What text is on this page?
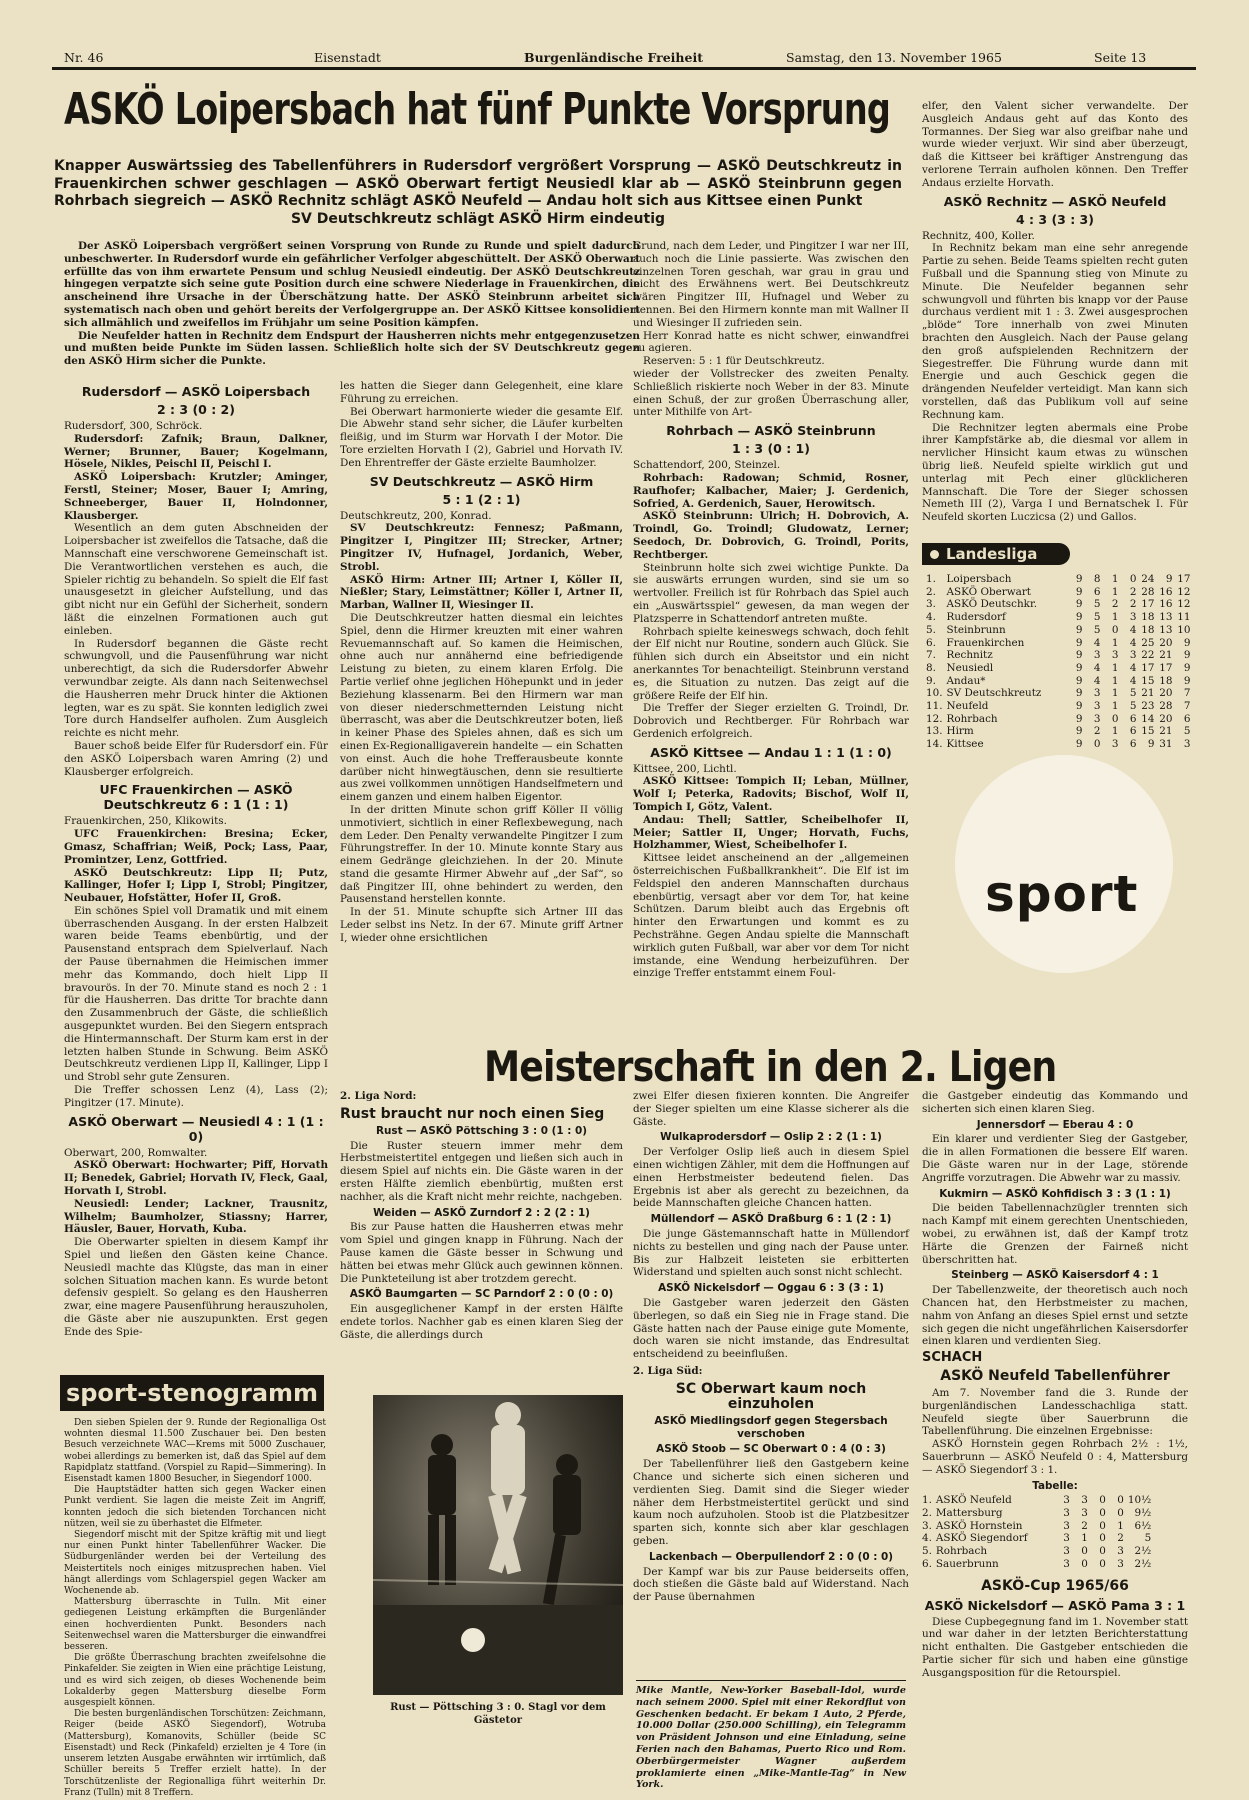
Nr. 46	Eisenstadt	Burgenländische Freiheit	Samstag, den 13. November 1965	Seite 13
ASKÖ Loipersbach hat fünf Punkte Vorsprung
Knapper Auswärtssieg des Tabellenführers in Rudersdorf vergrößert Vorsprung — ASKÖ Deutschkreutz in Frauenkirchen schwer geschlagen — ASKÖ Oberwart fertigt Neusiedl klar ab — ASKÖ Steinbrunn gegen Rohrbach siegreich — ASKÖ Rechnitz schlägt ASKÖ Neufeld — Andau holt sich aus Kittsee einen Punkt
SV Deutschkreutz schlägt ASKÖ Hirm eindeutig

Der ASKÖ Loipersbach vergrößert seinen Vorsprung von Runde zu Runde und spielt dadurch unbeschwerter. In Rudersdorf wurde ein gefährlicher Verfolger abgeschüttelt. Der ASKÖ Oberwart erfüllte das von ihm erwartete Pensum und schlug Neusiedl eindeutig. Der ASKÖ Deutschkreutz hingegen verpatzte sich seine gute Position durch eine schwere Niederlage in Frauenkirchen, die anscheinend ihre Ursache in der Überschätzung hatte. Der ASKÖ Steinbrunn arbeitet sich systematisch nach oben und gehört bereits der Verfolgergruppe an. Der ASKÖ Kittsee konsolidiert sich allmählich und zweifellos im Frühjahr um seine Position kämpfen.

Die Neufelder hatten in Rechnitz dem Endspurt der Hausherren nichts mehr entgegenzusetzen und mußten beide Punkte im Süden lassen. Schließlich holte sich der SV Deutschkreutz gegen den ASKÖ Hirm sicher die Punkte.

Rudersdorf — ASKÖ Loipersbach
2 : 3 (0 : 2)

Rudersdorf, 300, Schröck.

Rudersdorf: Zafnik; Braun, Dalkner, Werner; Brunner, Bauer; Kogelmann, Hösele, Nikles, Peischl II, Peischl I.

ASKÖ Loipersbach: Krutzler; Aminger, Ferstl, Steiner; Moser, Bauer I; Amring, Schneeberger, Bauer II, Holndonner, Klausberger.

Wesentlich an dem guten Abschneiden der Loipersbacher ist zweifellos die Tatsache, daß die Mannschaft eine verschworene Gemeinschaft ist. Die Verantwortlichen verstehen es auch, die Spieler richtig zu behandeln. So spielt die Elf fast unausgesetzt in gleicher Aufstellung, und das gibt nicht nur ein Gefühl der Sicherheit, sondern läßt die einzelnen Formationen auch gut einleben.

In Rudersdorf begannen die Gäste recht schwungvoll, und die Pausenführung war nicht unberechtigt, da sich die Rudersdorfer Abwehr verwundbar zeigte. Als dann nach Seitenwechsel die Hausherren mehr Druck hinter die Aktionen legten, war es zu spät. Sie konnten lediglich zwei Tore durch Handselfer aufholen. Zum Ausgleich reichte es nicht mehr.

Bauer schoß beide Elfer für Rudersdorf ein. Für den ASKÖ Loipersbach waren Amring (2) und Klausberger erfolgreich.

UFC Frauenkirchen — ASKÖ Deutschkreutz 6 : 1 (1 : 1)

Frauenkirchen, 250, Klikowits.

UFC Frauenkirchen: Bresina; Ecker, Gmasz, Schaffrian; Weiß, Pock; Lass, Paar, Promintzer, Lenz, Gottfried.

ASKÖ Deutschkreutz: Lipp II; Putz, Kallinger, Hofer I; Lipp I, Strobl; Pingitzer, Neubauer, Hofstätter, Hofer II, Groß.

Ein schönes Spiel voll Dramatik und mit einem überraschenden Ausgang. In der ersten Halbzeit waren beide Teams ebenbürtig, und der Pausenstand entsprach dem Spielverlauf. Nach der Pause übernahmen die Heimischen immer mehr das Kommando, doch hielt Lipp II bravourös. In der 70. Minute stand es noch 2 : 1 für die Hausherren. Das dritte Tor brachte dann den Zusammenbruch der Gäste, die schließlich ausgepunktet wurden. Bei den Siegern entsprach die Hintermannschaft. Der Sturm kam erst in der letzten halben Stunde in Schwung. Beim ASKÖ Deutschkreutz verdienen Lipp II, Kallinger, Lipp I und Strobl sehr gute Zensuren.

Die Treffer schossen Lenz (4), Lass (2); Pingitzer (17. Minute).

ASKÖ Oberwart — Neusiedl 4 : 1 (1 : 0)

Oberwart, 200, Romwalter.

ASKÖ Oberwart: Hochwarter; Piff, Horvath II; Benedek, Gabriel; Horvath IV, Fleck, Gaal, Horvath I, Strobl.

Neusiedl: Lender; Lackner, Trausnitz, Wilhelm; Baumholzer, Stiassny; Harrer, Häusler, Bauer, Horvath, Kuba.

Die Oberwarter spielten in diesem Kampf ihr Spiel und ließen den Gästen keine Chance. Neusiedl machte das Klügste, das man in einer solchen Situation machen kann. Es wurde betont defensiv gespielt. So gelang es den Hausherren zwar, eine magere Pausenführung herauszuholen, die Gäste aber nie auszupunkten. Erst gegen Ende des Spie-

les hatten die Sieger dann Gelegenheit, eine klare Führung zu erreichen.

Bei Oberwart harmonierte wieder die gesamte Elf. Die Abwehr stand sehr sicher, die Läufer kurbelten fleißig, und im Sturm war Horvath I der Motor. Die Tore erzielten Horvath I (2), Gabriel und Horvath IV. Den Ehrentreffer der Gäste erzielte Baumholzer.

SV Deutschkreutz — ASKÖ Hirm
5 : 1 (2 : 1)

Deutschkreutz, 200, Konrad.

SV Deutschkreutz: Fennesz; Paßmann, Pingitzer I, Pingitzer III; Strecker, Artner; Pingitzer IV, Hufnagel, Jordanich, Weber, Strobl.

ASKÖ Hirm: Artner III; Artner I, Köller II, Nießler; Stary, Leimstättner; Köller I, Artner II, Marban, Wallner II, Wiesinger II.

Die Deutschkreutzer hatten diesmal ein leichtes Spiel, denn die Hirmer kreuzten mit einer wahren Revuemannschaft auf. So kamen die Heimischen, ohne auch nur annähernd eine befriedigende Leistung zu bieten, zu einem klaren Erfolg. Die Partie verlief ohne jeglichen Höhepunkt und in jeder Beziehung klassenarm. Bei den Hirmern war man von dieser niederschmetternden Leistung nicht überrascht, was aber die Deutschkreutzer boten, ließ in keiner Phase des Spieles ahnen, daß es sich um einen Ex-Regionalligaverein handelte — ein Schatten von einst. Auch die hohe Trefferausbeute konnte darüber nicht hinwegtäuschen, denn sie resultierte aus zwei vollkommen unnötigen Handselfmetern und einem ganzen und einem halben Eigentor.

In der dritten Minute schon griff Köller II völlig unmotiviert, sichtlich in einer Reflexbewegung, nach dem Leder. Den Penalty verwandelte Pingitzer I zum Führungstreffer. In der 10. Minute konnte Stary aus einem Gedränge gleichziehen. In der 20. Minute stand die gesamte Hirmer Abwehr auf „der Saf“, so daß Pingitzer III, ohne behindert zu werden, den Pausenstand herstellen konnte.

In der 51. Minute schupfte sich Artner III das Leder selbst ins Netz. In der 67. Minute griff Artner I, wieder ohne ersichtlichen

Grund, nach dem Leder, und Pingitzer I war ner III, auch noch die Linie passierte. Was zwischen den einzelnen Toren geschah, war grau in grau und nicht des Erwähnens wert. Bei Deutschkreutz wären Pingitzer III, Hufnagel und Weber zu nennen. Bei den Hirmern konnte man mit Wallner II und Wiesinger II zufrieden sein.

Herr Konrad hatte es nicht schwer, einwandfrei zu agieren.

Reserven: 5 : 1 für Deutschkreutz.

wieder der Vollstrecker des zweiten Penalty. Schließlich riskierte noch Weber in der 83. Minute einen Schuß, der zur großen Überraschung aller, unter Mithilfe von Art-

Rohrbach — ASKÖ Steinbrunn
1 : 3 (0 : 1)

Schattendorf, 200, Steinzel.

Rohrbach: Radowan; Schmid, Rosner, Raufhofer; Kalbacher, Maier; J. Gerdenich, Sofried, A. Gerdenich, Sauer, Herowitsch.

ASKÖ Steinbrunn: Ulrich; H. Dobrovich, A. Troindl, Go. Troindl; Gludowatz, Lerner; Seedoch, Dr. Dobrovich, G. Troindl, Porits, Rechtberger.

Steinbrunn holte sich zwei wichtige Punkte. Da sie auswärts errungen wurden, sind sie um so wertvoller. Freilich ist für Rohrbach das Spiel auch ein „Auswärtsspiel“ gewesen, da man wegen der Platzsperre in Schattendorf antreten mußte.

Rohrbach spielte keineswegs schwach, doch fehlt der Elf nicht nur Routine, sondern auch Glück. Sie fühlen sich durch ein Abseitstor und ein nicht anerkanntes Tor benachteiligt. Steinbrunn verstand es, die Situation zu nutzen. Das zeigt auf die größere Reife der Elf hin.

Die Treffer der Sieger erzielten G. Troindl, Dr. Dobrovich und Rechtberger. Für Rohrbach war Gerdenich erfolgreich.

ASKÖ Kittsee — Andau 1 : 1 (1 : 0)

Kittsee, 200, Lichtl.

ASKÖ Kittsee: Tompich II; Leban, Müllner, Wolf I; Peterka, Radovits; Bischof, Wolf II, Tompich I, Götz, Valent.

Andau: Thell; Sattler, Scheibelhofer II, Meier; Sattler II, Unger; Horvath, Fuchs, Holzhammer, Wiest, Scheibelhofer I.

Kittsee leidet anscheinend an der „allgemeinen österreichischen Fußballkrankheit“. Die Elf ist im Feldspiel den anderen Mannschaften durchaus ebenbürtig, versagt aber vor dem Tor, hat keine Schützen. Darum bleibt auch das Ergebnis oft hinter den Erwartungen und kommt es zu Pechsträhne. Gegen Andau spielte die Mannschaft wirklich guten Fußball, war aber vor dem Tor nicht imstande, eine Wendung herbeizuführen. Der einzige Treffer entstammt einem Foul-

elfer, den Valent sicher verwandelte. Der Ausgleich Andaus geht auf das Konto des Tormannes. Der Sieg war also greifbar nahe und wurde wieder verjuxt. Wir sind aber überzeugt, daß die Kittseer bei kräftiger Anstrengung das verlorene Terrain aufholen können. Den Treffer Andaus erzielte Horvath.

ASKÖ Rechnitz — ASKÖ Neufeld
4 : 3 (3 : 3)

Rechnitz, 400, Koller.

In Rechnitz bekam man eine sehr anregende Partie zu sehen. Beide Teams spielten recht guten Fußball und die Spannung stieg von Minute zu Minute. Die Neufelder begannen sehr schwungvoll und führten bis knapp vor der Pause durchaus verdient mit 1 : 3. Zwei ausgesprochen „blöde“ Tore innerhalb von zwei Minuten brachten den Ausgleich. Nach der Pause gelang den groß aufspielenden Rechnitzern der Siegestreffer. Die Führung wurde dann mit Energie und auch Geschick gegen die drängenden Neufelder verteidigt. Man kann sich vorstellen, daß das Publikum voll auf seine Rechnung kam.

Die Rechnitzer legten abermals eine Probe ihrer Kampfstärke ab, die diesmal vor allem in nervlicher Hinsicht kaum etwas zu wünschen übrig ließ. Neufeld spielte wirklich gut und unterlag mit Pech einer glücklicheren Mannschaft. Die Tore der Sieger schossen Nemeth III (2), Varga I und Bernatschek I. Für Neufeld skorten Luczicsa (2) und Gallos.

Landesliga
1.	Loipersbach	9	8	1	0	24	9	17
2.	ASKÖ Oberwart	9	6	1	2	28	16	12
3.	ASKÖ Deutschkr.	9	5	2	2	17	16	12
4.	Rudersdorf	9	5	1	3	18	13	11
5.	Steinbrunn	9	5	0	4	18	13	10
6.	Frauenkirchen	9	4	1	4	25	20	9
7.	Rechnitz	9	3	3	3	22	21	9
8.	Neusiedl	9	4	1	4	17	17	9
9.	Andau*	9	4	1	4	15	18	9
10.	SV Deutschkreutz	9	3	1	5	21	20	7
11.	Neufeld	9	3	1	5	23	28	7
12.	Rohrbach	9	3	0	6	14	20	6
13.	Hirm	9	2	1	6	15	21	5
14.	Kittsee	9	0	3	6	9	31	3
sport
Meisterschaft in den 2. Ligen
sport-stenogramm

Den sieben Spielen der 9. Runde der Regionalliga Ost wohnten diesmal 11.500 Zuschauer bei. Den besten Besuch verzeichnete WAC—Krems mit 5000 Zuschauer, wobei allerdings zu bemerken ist, daß das Spiel auf dem Rapidplatz stattfand. (Vorspiel zu Rapid—Simmering). In Eisenstadt kamen 1800 Besucher, in Siegendorf 1000.

Die Hauptstädter hatten sich gegen Wacker einen Punkt verdient. Sie lagen die meiste Zeit im Angriff, konnten jedoch die sich bietenden Torchancen nicht nützen, weil sie zu überhastet die Elfmeter.

Siegendorf mischt mit der Spitze kräftig mit und liegt nur einen Punkt hinter Tabellenführer Wacker. Die Südburgenländer werden bei der Verteilung des Meistertitels noch einiges mitzusprechen haben. Viel hängt allerdings vom Schlagerspiel gegen Wacker am Wochenende ab.

Mattersburg überraschte in Tulln. Mit einer gediegenen Leistung erkämpften die Burgenländer einen hochverdienten Punkt. Besonders nach Seitenwechsel waren die Mattersburger die einwandfrei besseren.

Die größte Überraschung brachten zweifelsohne die Pinkafelder. Sie zeigten in Wien eine prächtige Leistung, und es wird sich zeigen, ob dieses Wochenende beim Lokalderby gegen Mattersburg dieselbe Form ausgespielt können.

Die besten burgenländischen Torschützen: Zeichmann, Reiger (beide ASKÖ Siegendorf), Wotruba (Mattersburg), Komanovits, Schüller (beide SC Eisenstadt) und Reck (Pinkafeld) erzielten je 4 Tore (in unserem letzten Ausgabe erwähnten wir irrtümlich, daß Schüller bereits 5 Treffer erzielt hatte). In der Torschützenliste der Regionalliga führt weiterhin Dr. Franz (Tulln) mit 8 Treffern.

2. Liga Nord:

Rust braucht nur noch einen Sieg
Rust — ASKÖ Pöttsching 3 : 0 (1 : 0)

Die Ruster steuern immer mehr dem Herbstmeistertitel entgegen und ließen sich auch in diesem Spiel auf nichts ein. Die Gäste waren in der ersten Hälfte ziemlich ebenbürtig, mußten erst nachher, als die Kraft nicht mehr reichte, nachgeben.

Weiden — ASKÖ Zurndorf 2 : 2 (2 : 1)

Bis zur Pause hatten die Hausherren etwas mehr vom Spiel und gingen knapp in Führung. Nach der Pause kamen die Gäste besser in Schwung und hätten bei etwas mehr Glück auch gewinnen können. Die Punkteteilung ist aber trotzdem gerecht.

ASKÖ Baumgarten — SC Parndorf 2 : 0 (0 : 0)

Ein ausgeglichener Kampf in der ersten Hälfte endete torlos. Nachher gab es einen klaren Sieg der Gäste, die allerdings durch

Rust — Pöttsching 3 : 0. Stagl vor dem Gästetor

zwei Elfer diesen fixieren konnten. Die Angreifer der Sieger spielten um eine Klasse sicherer als die Gäste.

Wulkaprodersdorf — Oslip 2 : 2 (1 : 1)

Der Verfolger Oslip ließ auch in diesem Spiel einen wichtigen Zähler, mit dem die Hoffnungen auf einen Herbstmeister bedeutend fielen. Das Ergebnis ist aber als gerecht zu bezeichnen, da beide Mannschaften gleiche Chancen hatten.

Müllendorf — ASKÖ Draßburg 6 : 1 (2 : 1)

Die junge Gästemannschaft hatte in Müllendorf nichts zu bestellen und ging nach der Pause unter. Bis zur Halbzeit leisteten sie erbitterten Widerstand und spielten auch sonst nicht schlecht.

ASKÖ Nickelsdorf — Oggau 6 : 3 (3 : 1)

Die Gastgeber waren jederzeit den Gästen überlegen, so daß ein Sieg nie in Frage stand. Die Gäste hatten nach der Pause einige gute Momente, doch waren sie nicht imstande, das Endresultat entscheidend zu beeinflußen.

2. Liga Süd:

SC Oberwart kaum noch einzuholen
ASKÖ Miedlingsdorf gegen Stegersbach verschoben
ASKÖ Stoob — SC Oberwart 0 : 4 (0 : 3)

Der Tabellenführer ließ den Gastgebern keine Chance und sicherte sich einen sicheren und verdienten Sieg. Damit sind die Sieger wieder näher dem Herbstmeistertitel gerückt und sind kaum noch aufzuholen. Stoob ist die Platzbesitzer sparten sich, konnte sich aber klar geschlagen geben.

Lackenbach — Oberpullendorf 2 : 0 (0 : 0)

Der Kampf war bis zur Pause beiderseits offen, doch stießen die Gäste bald auf Widerstand. Nach der Pause übernahmen

Mike Mantle, New-Yorker Baseball-Idol, wurde nach seinem 2000. Spiel mit einer Rekordflut von Geschenken bedacht. Er bekam 1 Auto, 2 Pferde, 10.000 Dollar (250.000 Schilling), ein Telegramm von Präsident Johnson und eine Einladung, seine Ferien nach den Bahamas, Puerto Rico und Rom. Oberbürgermeister Wagner außerdem proklamierte einen „Mike-Mantle-Tag“ in New York.

die Gastgeber eindeutig das Kommando und sicherten sich einen klaren Sieg.

Jennersdorf — Eberau 4 : 0

Ein klarer und verdienter Sieg der Gastgeber, die in allen Formationen die bessere Elf waren. Die Gäste waren nur in der Lage, störende Angriffe vorzutragen. Die Abwehr war zu massiv.

Kukmirn — ASKÖ Kohfidisch 3 : 3 (1 : 1)

Die beiden Tabellennachzügler trennten sich nach Kampf mit einem gerechten Unentschieden, wobei, zu erwähnen ist, daß der Kampf trotz Härte die Grenzen der Fairneß nicht überschritten hat.

Steinberg — ASKÖ Kaisersdorf 4 : 1

Der Tabellenzweite, der theoretisch auch noch Chancen hat, den Herbstmeister zu machen, nahm von Anfang an dieses Spiel ernst und setzte sich gegen die nicht ungefährlichen Kaisersdorfer einen klaren und verdienten Sieg.

SCHACH

ASKÖ Neufeld Tabellenführer

Am 7. November fand die 3. Runde der burgenländischen Landesschachliga statt. Neufeld siegte über Sauerbrunn die Tabellenführung. Die einzelnen Ergebnisse:

ASKÖ Hornstein gegen Rohrbach 2½ : 1½, Sauerbrunn — ASKÖ Neufeld 0 : 4, Mattersburg — ASKÖ Siegendorf 3 : 1.

Tabelle:
1.	ASKÖ Neufeld	3	3	0	0	10½
2.	Mattersburg	3	3	0	0	9½
3.	ASKÖ Hornstein	3	2	0	1	6½
4.	ASKÖ Siegendorf	3	1	0	2	5
5.	Rohrbach	3	0	0	3	2½
6.	Sauerbrunn	3	0	0	3	2½
ASKÖ-Cup 1965/66
ASKÖ Nickelsdorf — ASKÖ Pama 3 : 1

Diese Cupbegegnung fand im 1. November statt und war daher in der letzten Berichterstattung nicht enthalten. Die Gastgeber entschieden die Partie sicher für sich und haben eine günstige Ausgangsposition für die Retourspiel.
